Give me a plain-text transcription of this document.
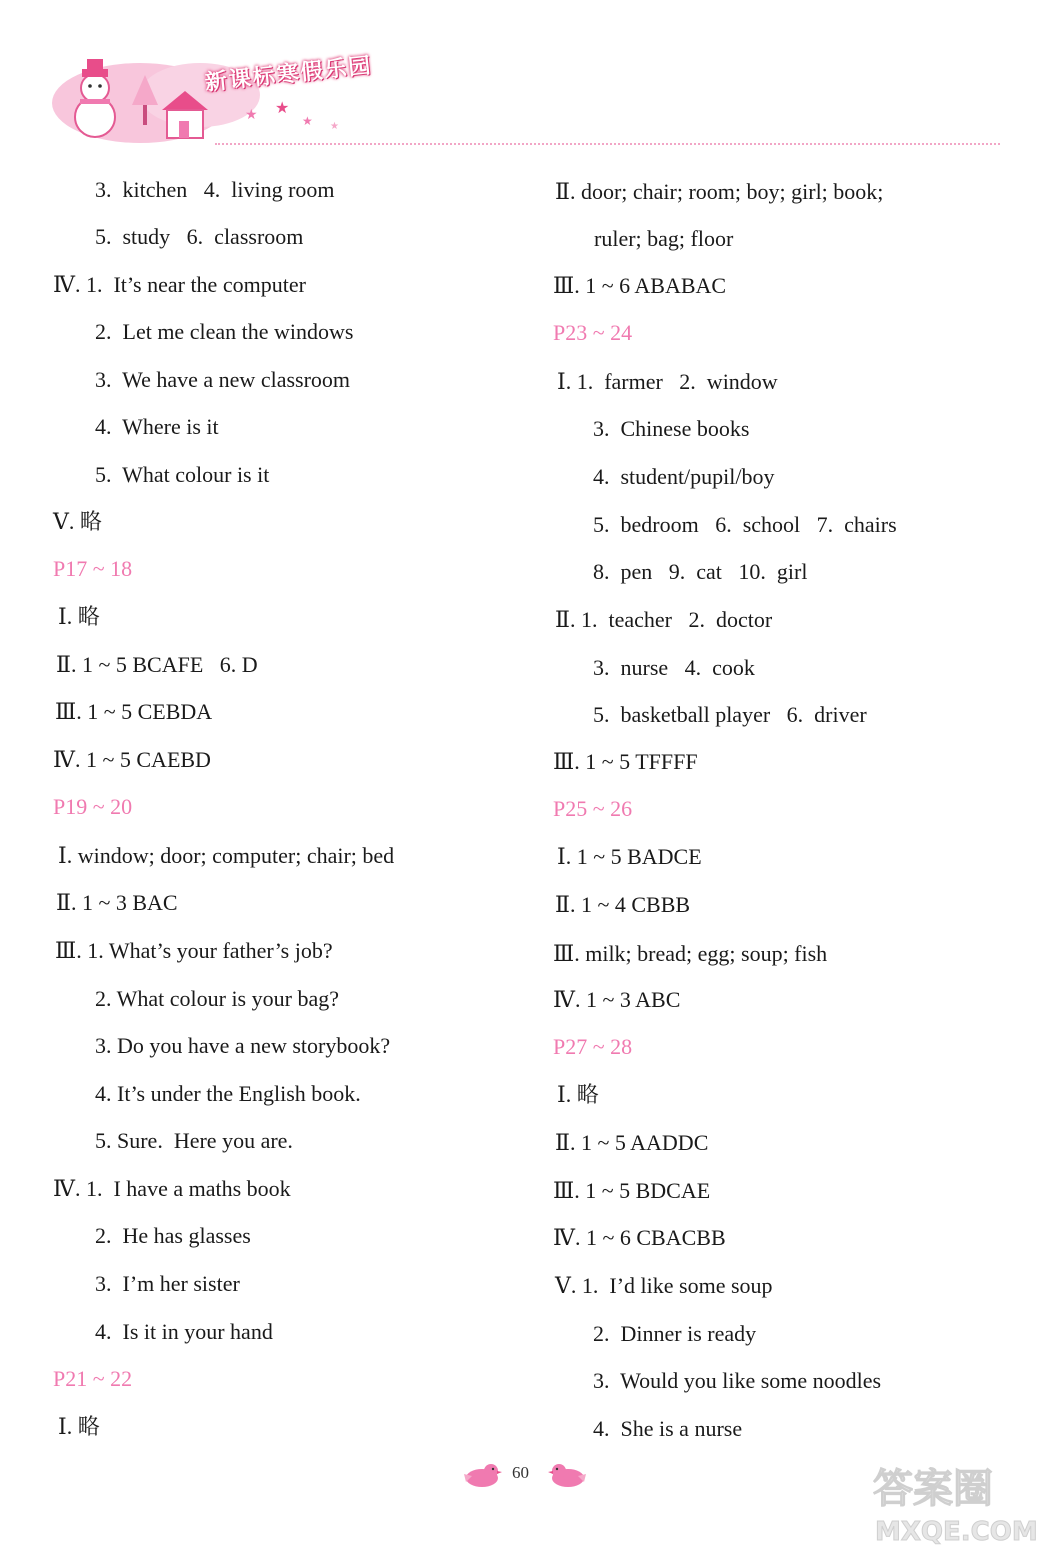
★ ★
★ ★
新课标寒假乐园
3.  kitchen   4.  living room
5.  study   6.  classroom
Ⅳ. 1.  It’s near the computer
2.  Let me clean the windows
3.  We have a new classroom
4.  Where is it
5.  What colour is it
Ⅴ. 略
P17 ~ 18
Ⅰ. 略
Ⅱ. 1 ~ 5 BCAFE   6. D
Ⅲ. 1 ~ 5 CEBDA
Ⅳ. 1 ~ 5 CAEBD
P19 ~ 20
Ⅰ. window; door; computer; chair; bed
Ⅱ. 1 ~ 3 BAC
Ⅲ. 1. What’s your father’s job?
2. What colour is your bag?
3. Do you have a new storybook?
4. It’s under the English book.
5. Sure.  Here you are.
Ⅳ. 1.  I have a maths book
2.  He has glasses
3.  I’m her sister
4.  Is it in your hand
P21 ~ 22
Ⅰ. 略
Ⅱ. door; chair; room; boy; girl; book;
ruler; bag; floor
Ⅲ. 1 ~ 6 ABABAC
P23 ~ 24
Ⅰ. 1.  farmer   2.  window
3.  Chinese books
4.  student/pupil/boy
5.  bedroom   6.  school   7.  chairs
8.  pen   9.  cat   10.  girl
Ⅱ. 1.  teacher   2.  doctor
3.  nurse   4.  cook
5.  basketball player   6.  driver
Ⅲ. 1 ~ 5 TFFFF
P25 ~ 26
Ⅰ. 1 ~ 5 BADCE
Ⅱ. 1 ~ 4 CBBB
Ⅲ. milk; bread; egg; soup; fish
Ⅳ. 1 ~ 3 ABC
P27 ~ 28
Ⅰ. 略
Ⅱ. 1 ~ 5 AADDC
Ⅲ. 1 ~ 5 BDCAE
Ⅳ. 1 ~ 6 CBACBB
Ⅴ. 1.  I’d like some soup
2.  Dinner is ready
3.  Would you like some noodles
4.  She is a nurse
60	答案圈
MXQE.COM
